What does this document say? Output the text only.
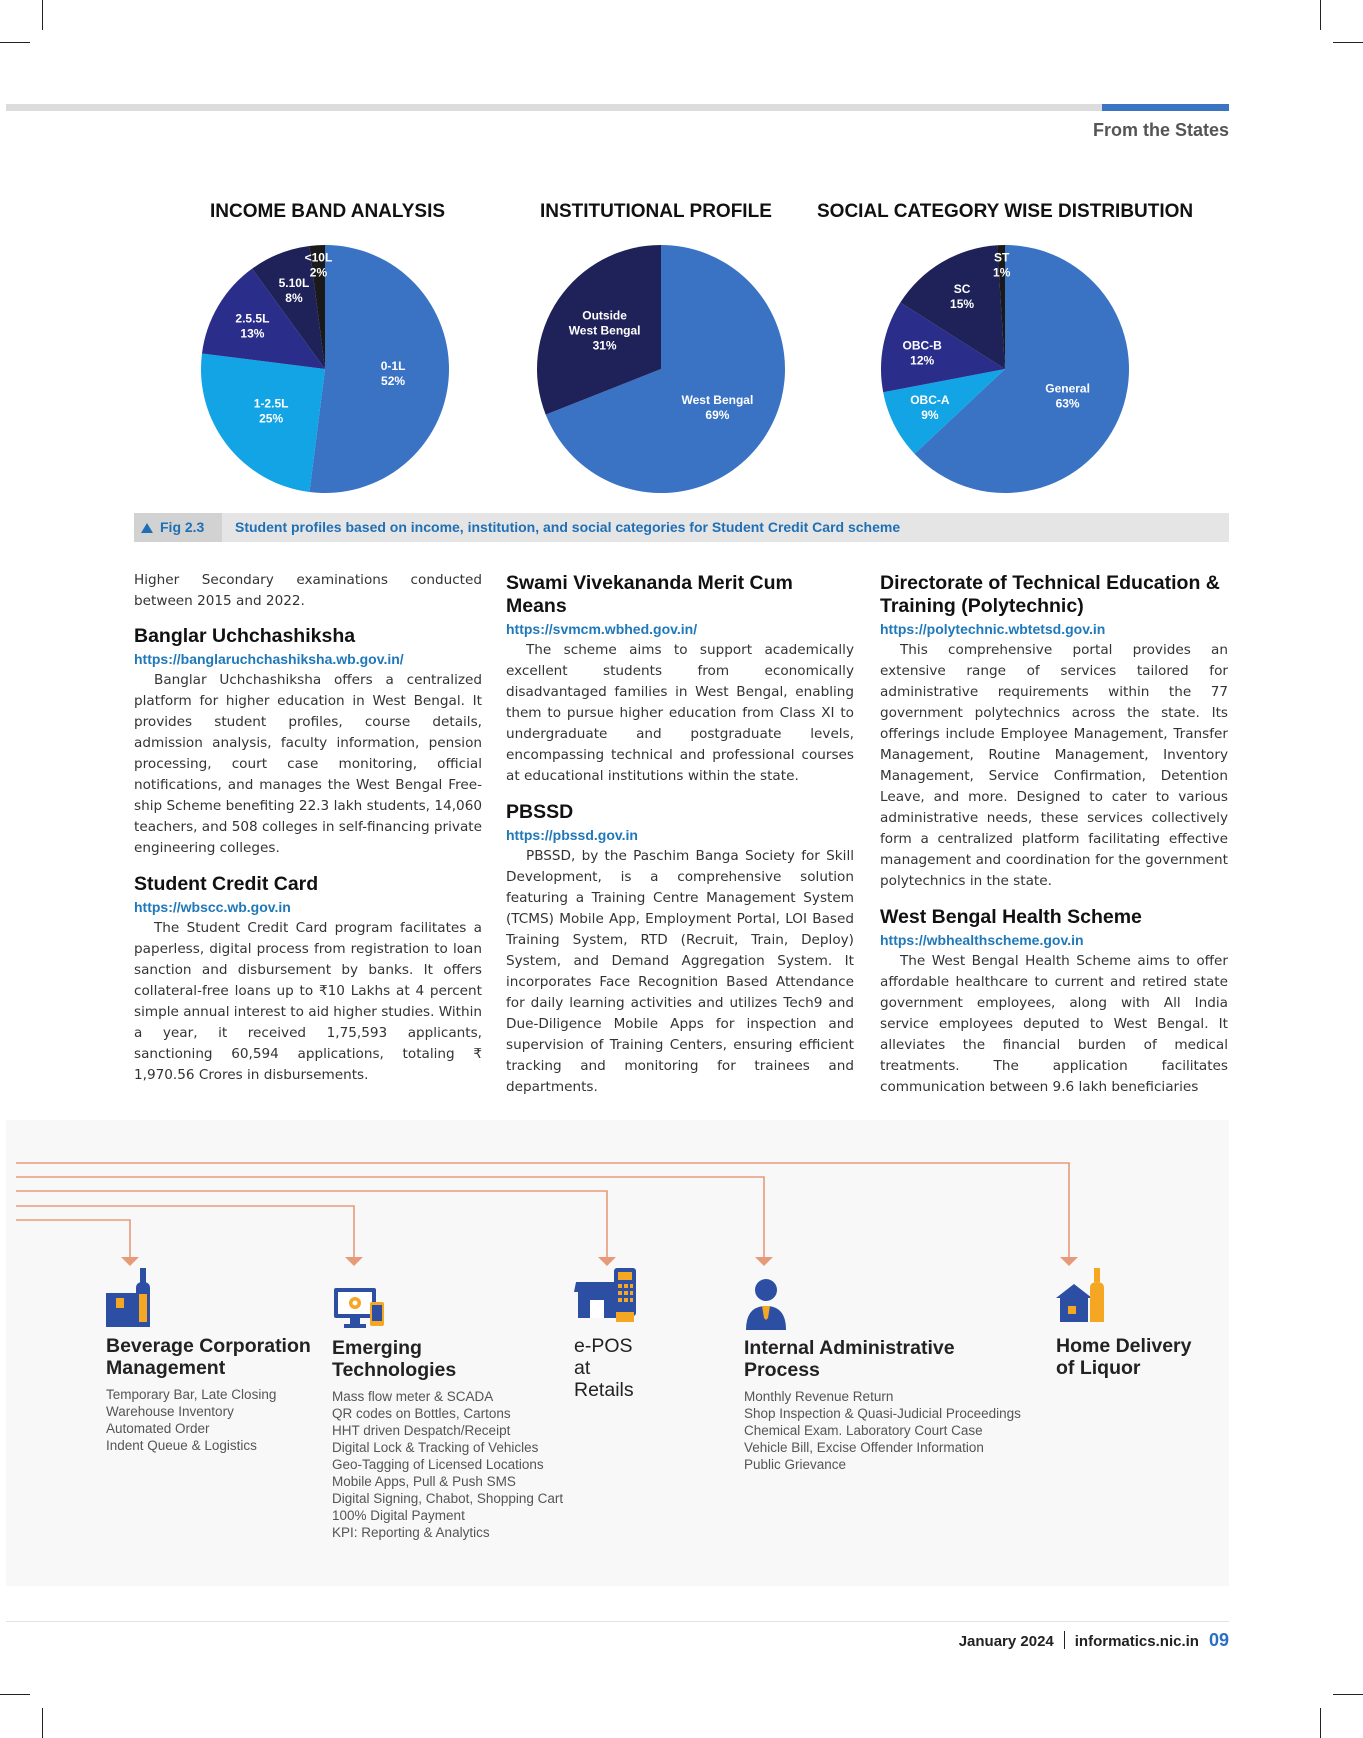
From the States
INCOME BAND ANALYSIS	INSTITUTIONAL PROFILE SOCIAL CATEGORY WISE DISTRIBUTION
0-1L 52%
1-2.5L 25%
2.5.5L 13%
5.10L 8%
<10L 2%
West Bengal 69%
Outside West Bengal 31%
General 63%
OBC-A 9%
OBC-B 12%
SC 15%
ST 1%
Fig 2.3 Student profiles based on income, institution, and social categories for Student Credit Card scheme

Higher Secondary examinations conducted between 2015 and 2022.

Banglar Uchchashiksha
https://banglaruchchashiksha.wb.gov.in/

Banglar Uchchashiksha offers a centralized platform for higher education in West Bengal. It provides student profiles, course details, admission analysis, faculty information, pension processing, court case monitoring, official notifications, and manages the West Bengal Free-ship Scheme benefiting 22.3 lakh students, 14,060 teachers, and 508 colleges in self-financing private engineering colleges.

Student Credit Card
https://wbscc.wb.gov.in

The Student Credit Card program facilitates a paperless, digital process from registration to loan sanction and disbursement by banks. It offers collateral-free loans up to ₹10 Lakhs at 4 percent simple annual interest to aid higher studies. Within a year, it received 1,75,593 applicants, sanctioning 60,594 applications, totaling ₹ 1,970.56 Crores in disbursements.

Swami Vivekananda Merit Cum Means
https://svmcm.wbhed.gov.in/

The scheme aims to support academically excellent students from economically disadvantaged families in West Bengal, enabling them to pursue higher education from Class XI to undergraduate and postgraduate levels, encompassing technical and professional courses at educational institutions within the state.

PBSSD
https://pbssd.gov.in

PBSSD, by the Paschim Banga Society for Skill Development, is a comprehensive solution featuring a Training Centre Management System (TCMS) Mobile App, Employment Portal, LOI Based Training System, RTD (Recruit, Train, Deploy) System, and Demand Aggregation System. It incorporates Face Recognition Based Attendance for daily learning activities and utilizes Tech9 and Due-Diligence Mobile Apps for inspection and supervision of Training Centers, ensuring efficient tracking and monitoring for trainees and departments.

Directorate of Technical Education & Training (Polytechnic)
https://polytechnic.wbtetsd.gov.in

This comprehensive portal provides an extensive range of services tailored for administrative requirements within the 77 government polytechnics across the state. Its offerings include Employee Management, Transfer Management, Routine Management, Inventory Management, Service Confirmation, Detention Leave, and more. Designed to cater to various administrative needs, these services collectively form a centralized platform facilitating effective management and coordination for the government polytechnics in the state.

West Bengal Health Scheme
https://wbhealthscheme.gov.in

The West Bengal Health Scheme aims to offer affordable healthcare to current and retired state government employees, along with All India service employees deputed to West Bengal. It alleviates the financial burden of medical treatments. The application facilitates communication between 9.6 lakh beneficiaries

Beverage Corporation Management
Temporary Bar, Late Closing
Warehouse Inventory
Automated Order
Indent Queue & Logistics
Emerging Technologies
Mass flow meter & SCADA
QR codes on Bottles, Cartons
HHT driven Despatch/Receipt
Digital Lock & Tracking of Vehicles
Geo-Tagging of Licensed Locations
Mobile Apps, Pull & Push SMS
Digital Signing, Chabot, Shopping Cart
100% Digital Payment
KPI: Reporting & Analytics
e-POS at Retails
Internal Administrative Process
Monthly Revenue Return
Shop Inspection & Quasi-Judicial Proceedings
Chemical Exam. Laboratory Court Case
Vehicle Bill, Excise Offender Information
Public Grievance
Home Delivery of Liquor
January 2024 informatics.nic.in 09
